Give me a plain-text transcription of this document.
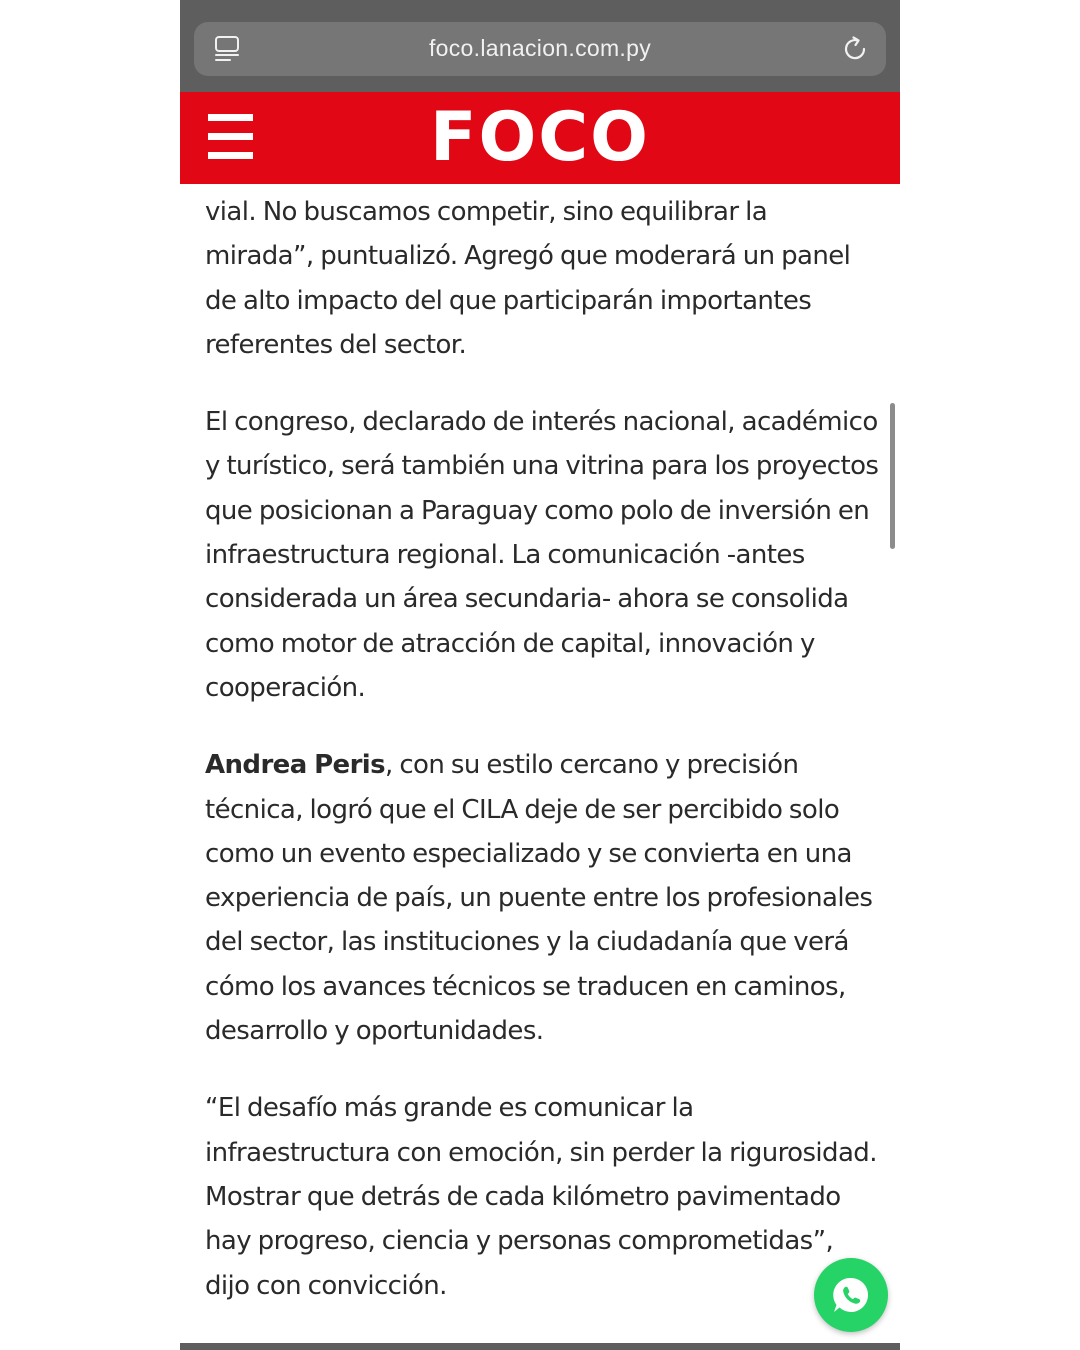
foco.lanacion.com.py
FOCO

vial. No buscamos competir, sino equilibrar la mirada”, puntualizó. Agregó que moderará un panel de alto impacto del que participarán importantes referentes del sector.

El congreso, declarado de interés nacional, académico y turístico, será también una vitrina para los proyectos que posicionan a Paraguay como polo de inversión en infraestructura regional. La comunicación -antes considerada un área secundaria- ahora se consolida como motor de atracción de capital, innovación y cooperación.

Andrea Peris, con su estilo cercano y precisión técnica, logró que el CILA deje de ser percibido solo como un evento especializado y se convierta en una experiencia de país, un puente entre los profesionales del sector, las instituciones y la ciudadanía que verá cómo los avances técnicos se traducen en caminos, desarrollo y oportunidades.

“El desafío más grande es comunicar la infraestructura con emoción, sin perder la rigurosidad. Mostrar que detrás de cada kilómetro pavimentado hay progreso, ciencia y personas comprometidas”, dijo con convicción.
